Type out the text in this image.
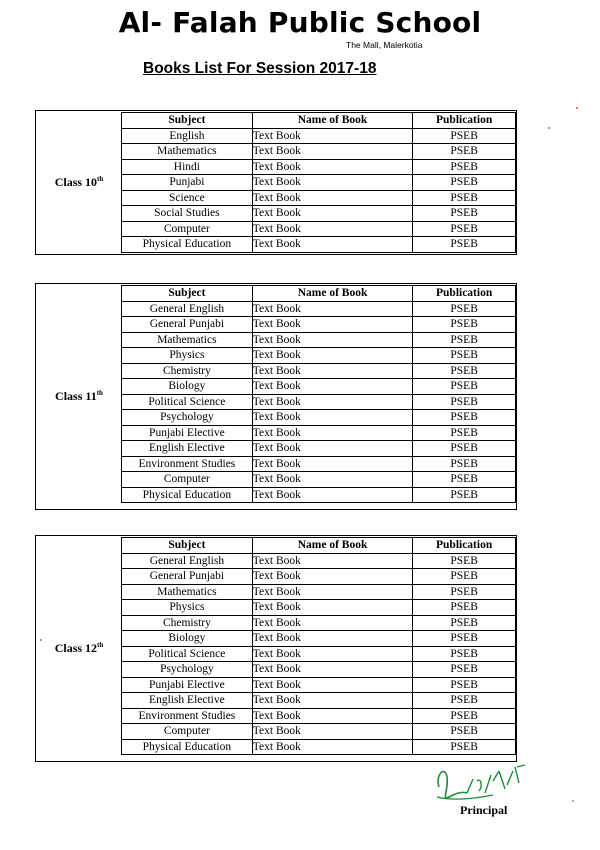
Al- Falah Public School
The Mall, Malerkotia
Books List For Session 2017-18
Class 10th
Subject	Name of Book	Publication
English	Text Book	PSEB
Mathematics	Text Book	PSEB
Hindi	Text Book	PSEB
Punjabi	Text Book	PSEB
Science	Text Book	PSEB
Social Studies	Text Book	PSEB
Computer	Text Book	PSEB
Physical Education	Text Book	PSEB
Class 11th
Subject	Name of Book	Publication
General English	Text Book	PSEB
General Punjabi	Text Book	PSEB
Mathematics	Text Book	PSEB
Physics	Text Book	PSEB
Chemistry	Text Book	PSEB
Biology	Text Book	PSEB
Political Science	Text Book	PSEB
Psychology	Text Book	PSEB
Punjabi Elective	Text Book	PSEB
English Elective	Text Book	PSEB
Environment Studies	Text Book	PSEB
Computer	Text Book	PSEB
Physical Education	Text Book	PSEB
Class 12th
Subject	Name of Book	Publication
General English	Text Book	PSEB
General Punjabi	Text Book	PSEB
Mathematics	Text Book	PSEB
Physics	Text Book	PSEB
Chemistry	Text Book	PSEB
Biology	Text Book	PSEB
Political Science	Text Book	PSEB
Psychology	Text Book	PSEB
Punjabi Elective	Text Book	PSEB
English Elective	Text Book	PSEB
Environment Studies	Text Book	PSEB
Computer	Text Book	PSEB
Physical Education	Text Book	PSEB
Principal
